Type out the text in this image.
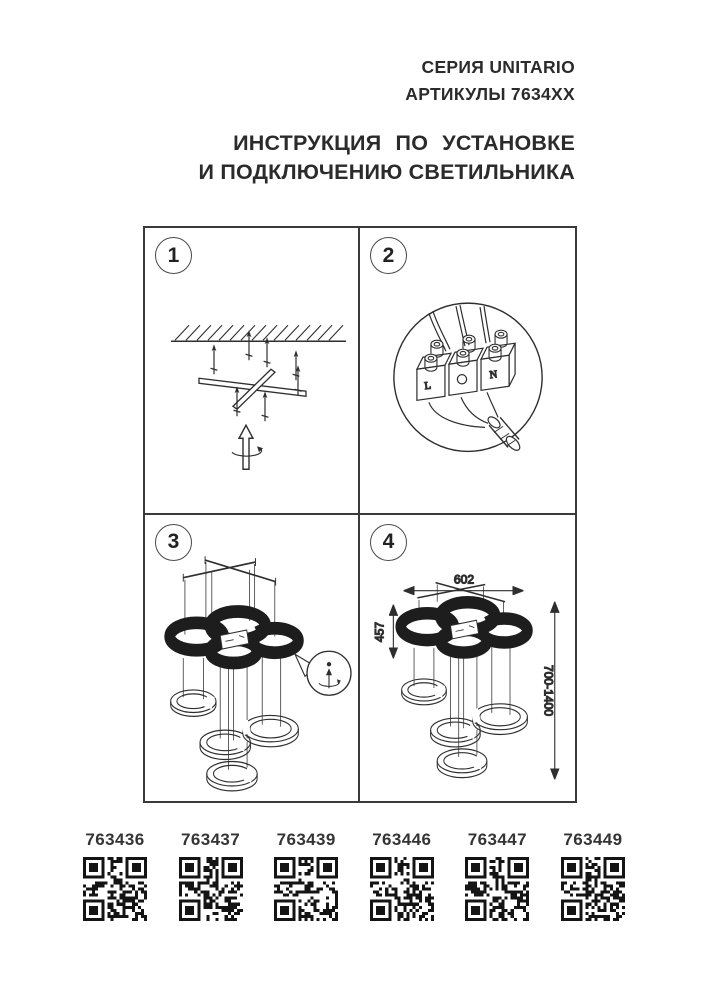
СЕРИЯ UNITARIO
АРТИКУЛЫ 7634XX
ИНСТРУКЦИЯ ПО УСТАНОВКЕ
И ПОДКЛЮЧЕНИЮ СВЕТИЛЬНИКА
1	2
L
N
3	4
602
457
700-1400
763436	763437	763439	763446	763447	763449
